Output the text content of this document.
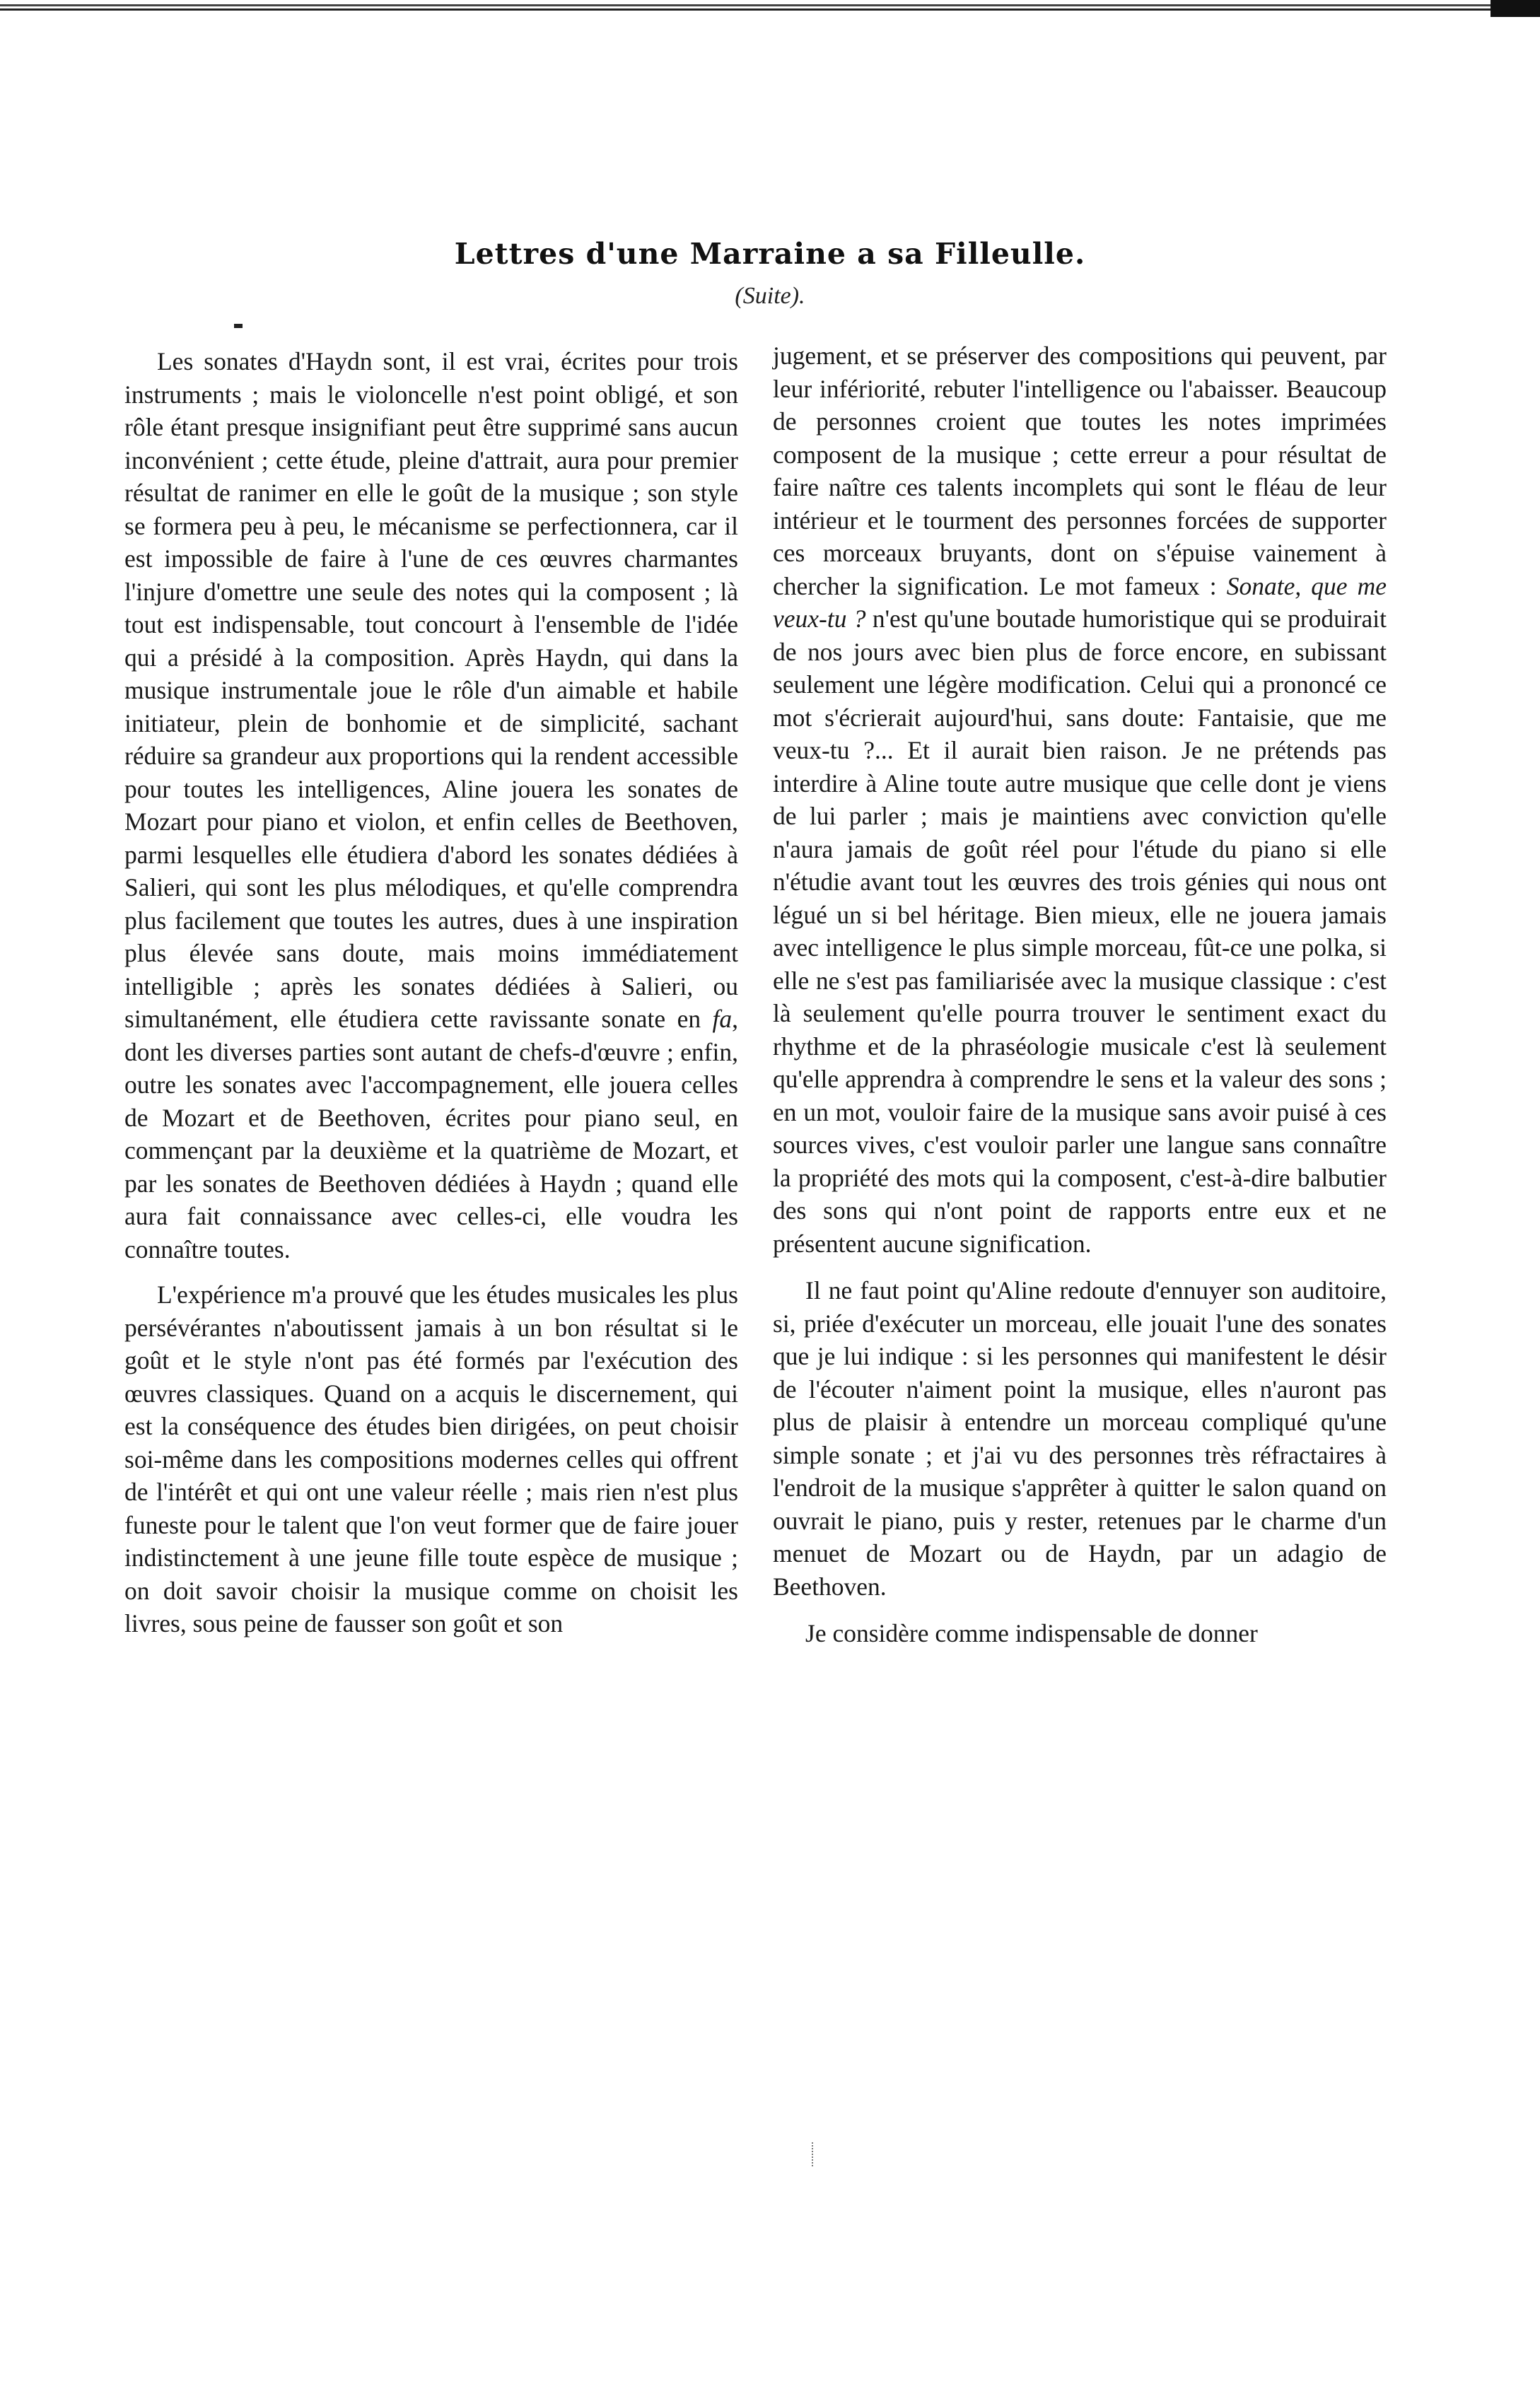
Lettres d'une Marraine a sa Filleulle.
(Suite).

Les sonates d'Haydn sont, il est vrai, écrites pour trois instruments ; mais le violoncelle n'est point obligé, et son rôle étant presque insignifiant peut être supprimé sans aucun inconvénient ; cette étude, pleine d'attrait, aura pour premier résultat de ranimer en elle le goût de la musique ; son style se formera peu à peu, le mécanisme se perfectionnera, car il est impossible de faire à l'une de ces œuvres charmantes l'injure d'omettre une seule des notes qui la composent ; là tout est indispensable, tout concourt à l'ensemble de l'idée qui a présidé à la composition. Après Haydn, qui dans la musique instrumentale joue le rôle d'un aimable et habile initiateur, plein de bonhomie et de simplicité, sachant réduire sa grandeur aux proportions qui la rendent accessible pour toutes les intelligences, Aline jouera les sonates de Mozart pour piano et violon, et enfin celles de Beethoven, parmi lesquelles elle étudiera d'abord les sonates dédiées à Salieri, qui sont les plus mélodiques, et qu'elle comprendra plus facilement que toutes les autres, dues à une inspiration plus élevée sans doute, mais moins immédiatement intelligible ; après les sonates dédiées à Salieri, ou simultanément, elle étudiera cette ravissante sonate en fa, dont les diverses parties sont autant de chefs-d'œuvre ; enfin, outre les sonates avec l'accompagnement, elle jouera celles de Mozart et de Beethoven, écrites pour piano seul, en commençant par la deuxième et la quatrième de Mozart, et par les sonates de Beethoven dédiées à Haydn ; quand elle aura fait connaissance avec celles-ci, elle voudra les connaître toutes.

L'expérience m'a prouvé que les études musicales les plus persévérantes n'aboutissent jamais à un bon résultat si le goût et le style n'ont pas été formés par l'exécution des œuvres classiques. Quand on a acquis le discernement, qui est la conséquence des études bien dirigées, on peut choisir soi-même dans les compositions modernes celles qui offrent de l'intérêt et qui ont une valeur réelle ; mais rien n'est plus funeste pour le talent que l'on veut former que de faire jouer indistinctement à une jeune fille toute espèce de musique ; on doit savoir choisir la musique comme on choisit les livres, sous peine de fausser son goût et son

jugement, et se préserver des compositions qui peuvent, par leur infériorité, rebuter l'intelligence ou l'abaisser. Beaucoup de personnes croient que toutes les notes imprimées composent de la musique ; cette erreur a pour résultat de faire naître ces talents incomplets qui sont le fléau de leur intérieur et le tourment des personnes forcées de supporter ces morceaux bruyants, dont on s'épuise vainement à chercher la signification. Le mot fameux : Sonate, que me veux-tu ? n'est qu'une boutade humoristique qui se produirait de nos jours avec bien plus de force encore, en subissant seulement une légère modification. Celui qui a prononcé ce mot s'écrierait aujourd'hui, sans doute: Fantaisie, que me veux-tu ?... Et il aurait bien raison. Je ne prétends pas interdire à Aline toute autre musique que celle dont je viens de lui parler ; mais je maintiens avec conviction qu'elle n'aura jamais de goût réel pour l'étude du piano si elle n'étudie avant tout les œuvres des trois génies qui nous ont légué un si bel héritage. Bien mieux, elle ne jouera jamais avec intelligence le plus simple morceau, fût-ce une polka, si elle ne s'est pas familiarisée avec la musique classique : c'est là seulement qu'elle pourra trouver le sentiment exact du rhythme et de la phraséologie musicale c'est là seulement qu'elle apprendra à comprendre le sens et la valeur des sons ; en un mot, vouloir faire de la musique sans avoir puisé à ces sources vives, c'est vouloir parler une langue sans connaître la propriété des mots qui la composent, c'est-à-dire balbutier des sons qui n'ont point de rapports entre eux et ne présentent aucune signification.

Il ne faut point qu'Aline redoute d'ennuyer son auditoire, si, priée d'exécuter un morceau, elle jouait l'une des sonates que je lui indique : si les personnes qui manifestent le désir de l'écouter n'aiment point la musique, elles n'auront pas plus de plaisir à entendre un morceau compliqué qu'une simple sonate ; et j'ai vu des personnes très réfractaires à l'endroit de la musique s'apprêter à quitter le salon quand on ouvrait le piano, puis y rester, retenues par le charme d'un menuet de Mozart ou de Haydn, par un adagio de Beethoven.

Je considère comme indispensable de donner
